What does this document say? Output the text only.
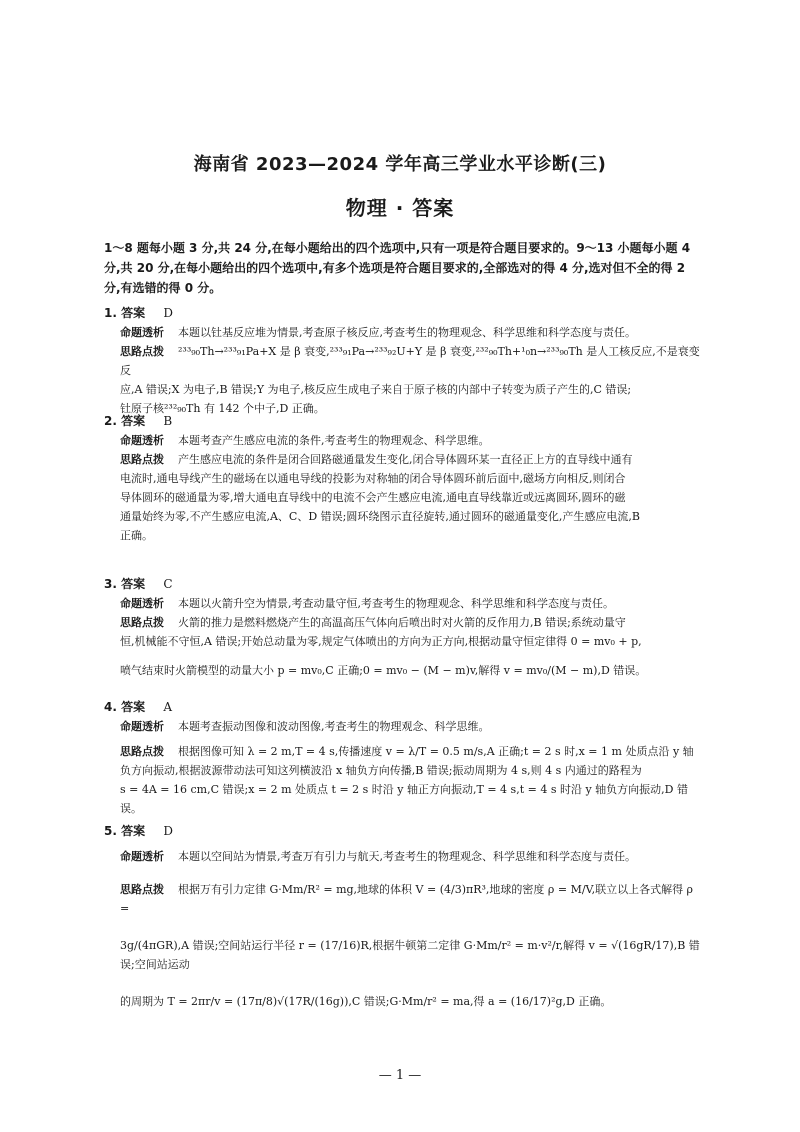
海南省 2023—2024 学年高三学业水平诊断(三)
物理 · 答案
1～8 题每小题 3 分,共 24 分,在每小题给出的四个选项中,只有一项是符合题目要求的。9～13 小题每小题 4 分,共 20 分,在每小题给出的四个选项中,有多个选项是符合题目要求的,全部选对的得 4 分,选对但不全的得 2 分,有选错的得 0 分。
1. 答案 D
命题透析 本题以钍基反应堆为情景,考查原子核反应,考查考生的物理观念、科学思维和科学态度与责任。
思路点拨 ²³³₉₀Th→²³³₉₁Pa+X 是 β 衰变,²³³₉₁Pa→²³³₉₂U+Y 是 β 衰变,²³²₉₀Th+¹₀n→²³³₉₀Th 是人工核反应,不是衰变反
应,A 错误;X 为电子,B 错误;Y 为电子,核反应生成电子来自于原子核的内部中子转变为质子产生的,C 错误;
钍原子核²³²₉₀Th 有 142 个中子,D 正确。
2. 答案 B
命题透析 本题考查产生感应电流的条件,考查考生的物理观念、科学思维。
思路点拨 产生感应电流的条件是闭合回路磁通量发生变化,闭合导体圆环某一直径正上方的直导线中通有
电流时,通电导线产生的磁场在以通电导线的投影为对称轴的闭合导体圆环前后面中,磁场方向相反,则闭合
导体圆环的磁通量为零,增大通电直导线中的电流不会产生感应电流,通电直导线靠近或远离圆环,圆环的磁
通量始终为零,不产生感应电流,A、C、D 错误;圆环绕图示直径旋转,通过圆环的磁通量变化,产生感应电流,B
正确。
3. 答案 C
命题透析 本题以火箭升空为情景,考查动量守恒,考查考生的物理观念、科学思维和科学态度与责任。
思路点拨 火箭的推力是燃料燃烧产生的高温高压气体向后喷出时对火箭的反作用力,B 错误;系统动量守
恒,机械能不守恒,A 错误;开始总动量为零,规定气体喷出的方向为正方向,根据动量守恒定律得 0 = mv₀ + p,
喷气结束时火箭模型的动量大小 p = mv₀,C 正确;0 = mv₀ − (M − m)v,解得 v = mv₀/(M − m),D 错误。
4. 答案 A
命题透析 本题考查振动图像和波动图像,考查考生的物理观念、科学思维。
思路点拨 根据图像可知 λ = 2 m,T = 4 s,传播速度 v = λ/T = 0.5 m/s,A 正确;t = 2 s 时,x = 1 m 处质点沿 y 轴
负方向振动,根据波源带动法可知这列横波沿 x 轴负方向传播,B 错误;振动周期为 4 s,则 4 s 内通过的路程为
s = 4A = 16 cm,C 错误;x = 2 m 处质点 t = 2 s 时沿 y 轴正方向振动,T = 4 s,t = 4 s 时沿 y 轴负方向振动,D 错误。
5. 答案 D
命题透析 本题以空间站为情景,考查万有引力与航天,考查考生的物理观念、科学思维和科学态度与责任。
思路点拨 根据万有引力定律 G·Mm/R² = mg,地球的体积 V = (4/3)πR³,地球的密度 ρ = M/V,联立以上各式解得 ρ =
3g/(4πGR),A 错误;空间站运行半径 r = (17/16)R,根据牛顿第二定律 G·Mm/r² = m·v²/r,解得 v = √(16gR/17),B 错误;空间站运动
的周期为 T = 2πr/v = (17π/8)√(17R/(16g)),C 错误;G·Mm/r² = ma,得 a = (16/17)²g,D 正确。
— 1 —
